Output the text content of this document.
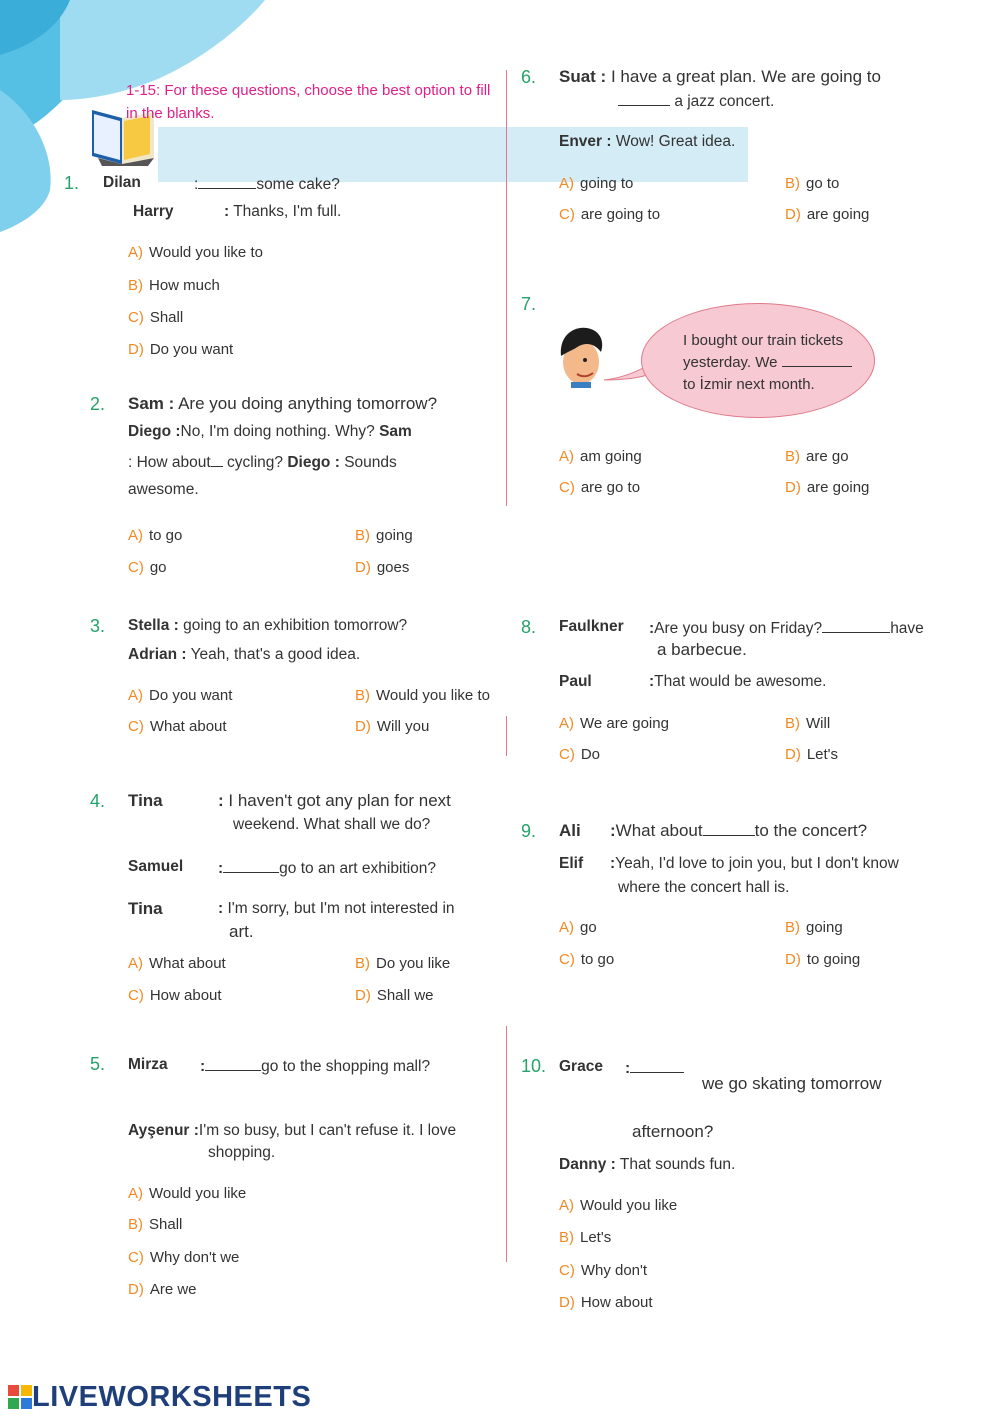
1-15: For these questions, choose the best option to fill in the blanks.
1. Dilan	:	some cake?
Harry	: Thanks, I'm full.
A) Would you like to
B) How much
C) Shall
D) Do you want
2. Sam : Are you doing anything tomorrow?
Diego :No, I'm doing nothing. Why? Sam
: How about cycling? Diego : Sounds
awesome.
A) to go	B) going
C) go	D) goes
3. Stella : going to an exhibition tomorrow?
Adrian : Yeah, that's a good idea.
A) Do you want	B) Would you like to
C) What about	D) Will you
4. Tina	: I haven't got any plan for next
weekend. What shall we do?
Samuel :	go to an art exhibition?
Tina	: I'm sorry, but I'm not interested in
art.
A) What about	B) Do you like
C) How about	D) Shall we
5. Mirza :	go to the shopping mall?
Ayşenur :I'm so busy, but I can't refuse it. I love
shopping.
A) Would you like
B) Shall
C) Why don't we
D) Are we
6. Suat : I have a great plan. We are going to
a jazz concert.
Enver : Wow! Great idea.
A) going to	B) go to
C) are going to	D) are going
7.
I bought our train tickets
yesterday. We
to İzmir next month.
A) am going	B) are go
C) are go to	D) are going
8. Faulkner :Are you busy on Friday?	have
a barbecue.
Paul	:That would be awesome.
A) We are going	B) Will
C) Do	D) Let's
9. Ali :What about	to the concert?
Elif :Yeah, I'd love to join you, but I don't know
where the concert hall is.
A) go	B) going
C) to go	D) to going
10. Grace :
we go skating tomorrow
afternoon?
Danny : That sounds fun.
A) Would you like
B) Let's
C) Why don't
D) How about
LIVEWORKSHEETS
